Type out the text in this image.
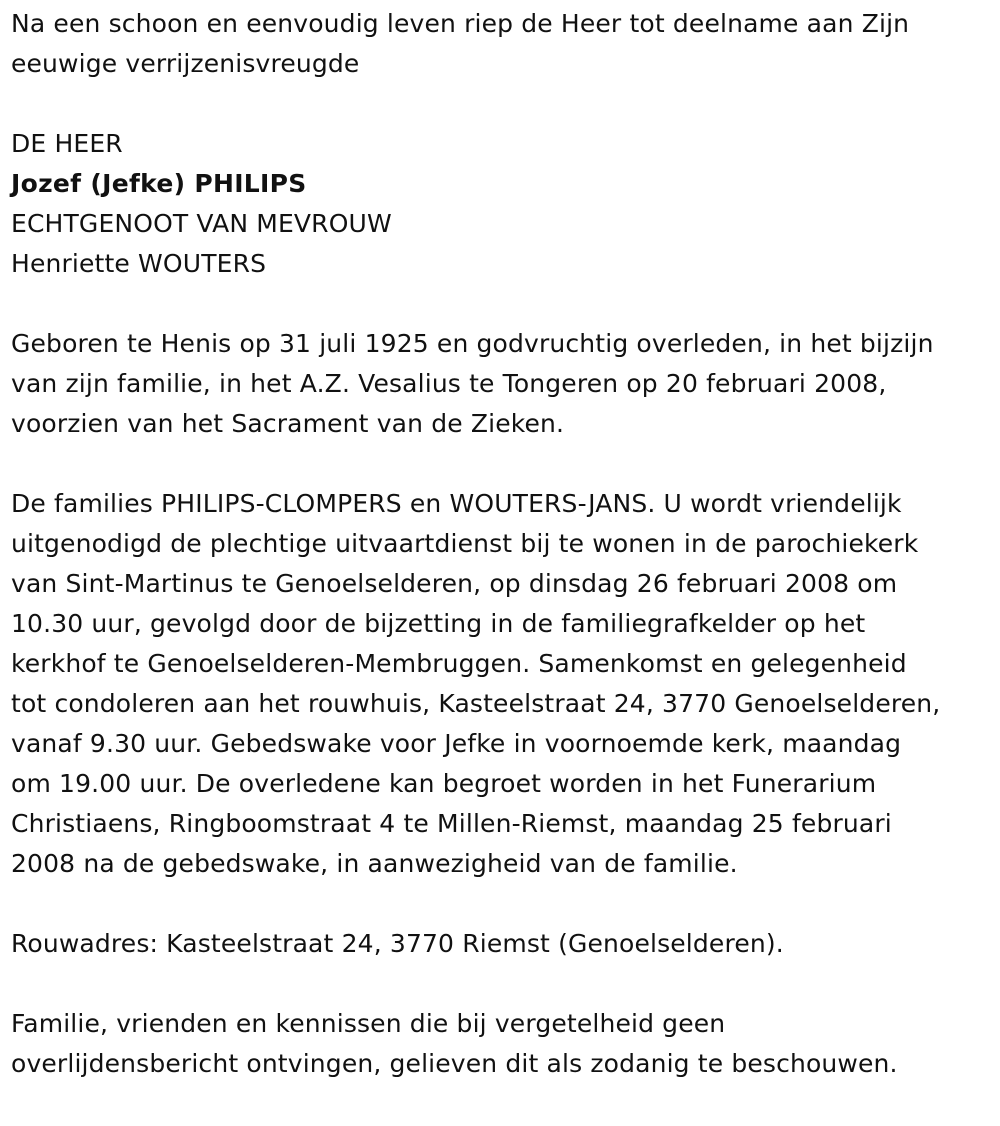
Na een schoon en eenvoudig leven riep de Heer tot deelname aan Zijn
eeuwige verrijzenisvreugde

DE HEER
Jozef (Jefke) PHILIPS
ECHTGENOOT VAN MEVROUW
Henriette WOUTERS

Geboren te Henis op 31 juli 1925 en godvruchtig overleden, in het bijzijn
van zijn familie, in het A.Z. Vesalius te Tongeren op 20 februari 2008,
voorzien van het Sacrament van de Zieken.

De families PHILIPS-CLOMPERS en WOUTERS-JANS. U wordt vriendelijk
uitgenodigd de plechtige uitvaartdienst bij te wonen in de parochiekerk
van Sint-Martinus te Genoelselderen, op dinsdag 26 februari 2008 om
10.30 uur, gevolgd door de bijzetting in de familiegrafkelder op het
kerkhof te Genoelselderen-Membruggen. Samenkomst en gelegenheid
tot condoleren aan het rouwhuis, Kasteelstraat 24, 3770 Genoelselderen,
vanaf 9.30 uur. Gebedswake voor Jefke in voornoemde kerk, maandag
om 19.00 uur. De overledene kan begroet worden in het Funerarium
Christiaens, Ringboomstraat 4 te Millen-Riemst, maandag 25 februari
2008 na de gebedswake, in aanwezigheid van de familie.

Rouwadres: Kasteelstraat 24, 3770 Riemst (Genoelselderen).

Familie, vrienden en kennissen die bij vergetelheid geen
overlijdensbericht ontvingen, gelieven dit als zodanig te beschouwen.
